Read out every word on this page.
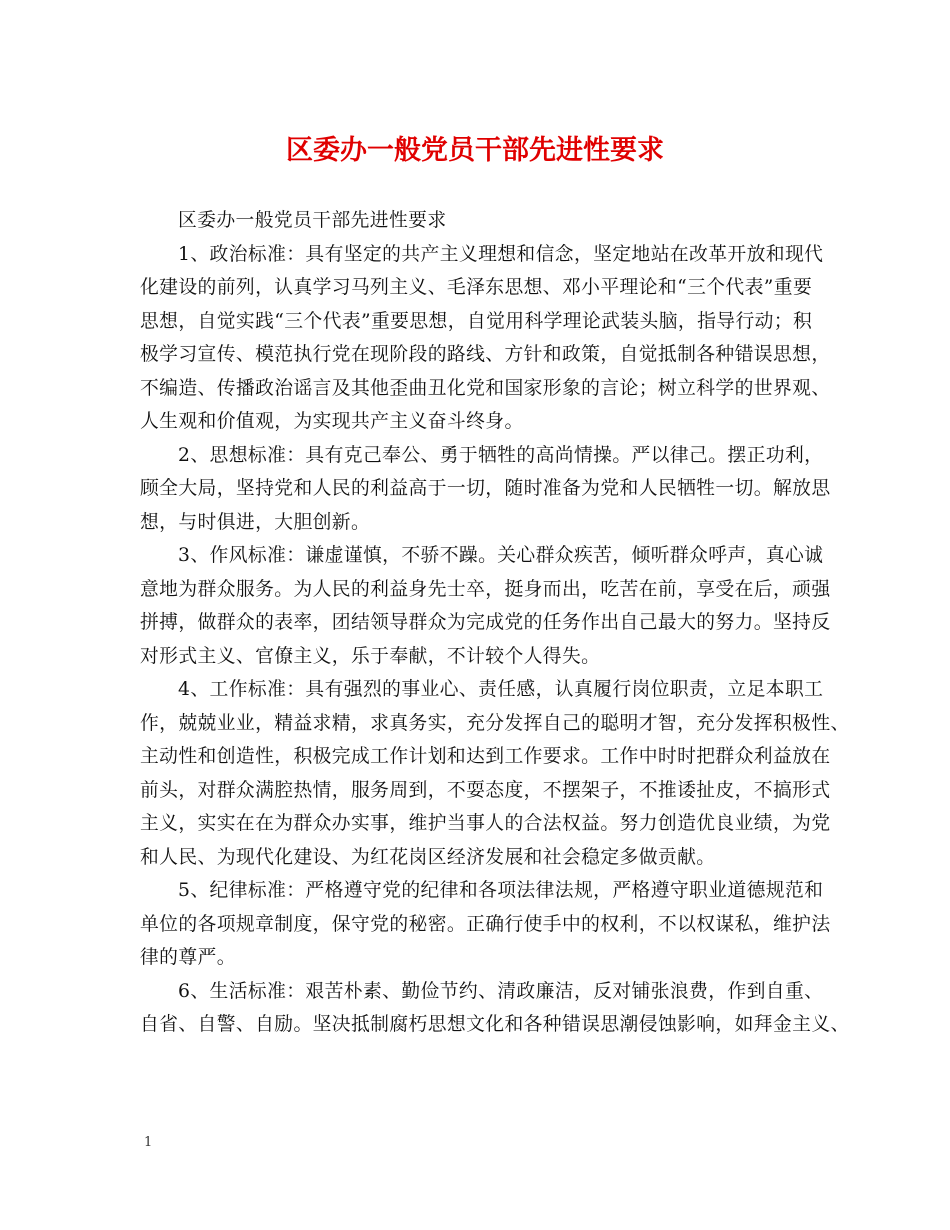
区委办一般党员干部先进性要求

区委办一般党员干部先进性要求

1、政治标准：具有坚定的共产主义理想和信念，坚定地站在改革开放和现代

化建设的前列，认真学习马列主义、毛泽东思想、邓小平理论和“三个代表”重要
思想，自觉实践“三个代表”重要思想，自觉用科学理论武装头脑，指导行动；积
极学习宣传、模范执行党在现阶段的路线、方针和政策，自觉抵制各种错误思想，
不编造、传播政治谣言及其他歪曲丑化党和国家形象的言论；树立科学的世界观、
人生观和价值观，为实现共产主义奋斗终身。

2、思想标准：具有克己奉公、勇于牺牲的高尚情操。严以律己。摆正功利，

顾全大局，坚持党和人民的利益高于一切，随时准备为党和人民牺牲一切。解放思
想，与时俱进，大胆创新。

3、作风标准：谦虚谨慎，不骄不躁。关心群众疾苦，倾听群众呼声，真心诚

意地为群众服务。为人民的利益身先士卒，挺身而出，吃苦在前，享受在后，顽强
拼搏，做群众的表率，团结领导群众为完成党的任务作出自己最大的努力。坚持反
对形式主义、官僚主义，乐于奉献，不计较个人得失。

4、工作标准：具有强烈的事业心、责任感，认真履行岗位职责，立足本职工

作，兢兢业业，精益求精，求真务实，充分发挥自己的聪明才智，充分发挥积极性、
主动性和创造性，积极完成工作计划和达到工作要求。工作中时时把群众利益放在
前头，对群众满腔热情，服务周到，不耍态度，不摆架子，不推诿扯皮，不搞形式
主义，实实在在为群众办实事，维护当事人的合法权益。努力创造优良业绩，为党
和人民、为现代化建设、为红花岗区经济发展和社会稳定多做贡献。

5、纪律标准：严格遵守党的纪律和各项法律法规，严格遵守职业道德规范和

单位的各项规章制度，保守党的秘密。正确行使手中的权利，不以权谋私，维护法
律的尊严。

6、生活标准：艰苦朴素、勤俭节约、清政廉洁，反对铺张浪费，作到自重、

自省、自警、自励。坚决抵制腐朽思想文化和各种错误思潮侵蚀影响，如拜金主义、
1
